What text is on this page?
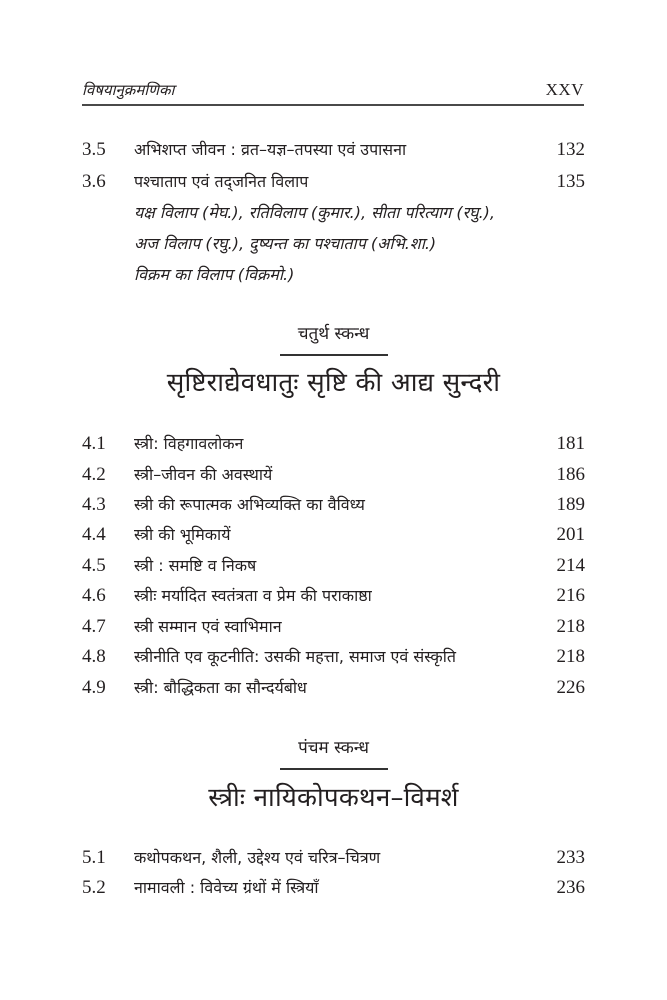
विषयानुक्रमणिका	XXV
3.5 अभिशप्त जीवन : व्रत–यज्ञ–तपस्या एवं उपासना	132
3.6 पश्चाताप एवं तद्जनित विलाप	135
यक्ष विलाप (मेघ.), रतिविलाप (कुमार.), सीता परित्याग (रघु.),
अज विलाप (रघु.), दुष्यन्त का पश्चाताप (अभि.शा.)
विक्रम का विलाप (विक्रमो.)
चतुर्थ स्कन्ध
सृष्टिराद्येवधातुः सृष्टि की आद्य सुन्दरी
4.1 स्त्री: विहगावलोकन	181
4.2 स्त्री–जीवन की अवस्थायें	186
4.3 स्त्री की रूपात्मक अभिव्यक्ति का वैविध्य	189
4.4 स्त्री की भूमिकायें	201
4.5 स्त्री : समष्टि व निकष	214
4.6 स्त्रीः मर्यादित स्वतंत्रता व प्रेम की पराकाष्ठा	216
4.7 स्त्री सम्मान एवं स्वाभिमान	218
4.8 स्त्रीनीति एव कूटनीति: उसकी महत्ता, समाज एवं संस्कृति	218
4.9 स्त्री: बौद्धिकता का सौन्दर्यबोध	226
पंचम स्कन्ध
स्त्रीः नायिकोपकथन–विमर्श
5.1 कथोपकथन, शैली, उद्देश्य एवं चरित्र–चित्रण	233
5.2 नामावली : विवेच्य ग्रंथों में स्त्रियाँ	236
